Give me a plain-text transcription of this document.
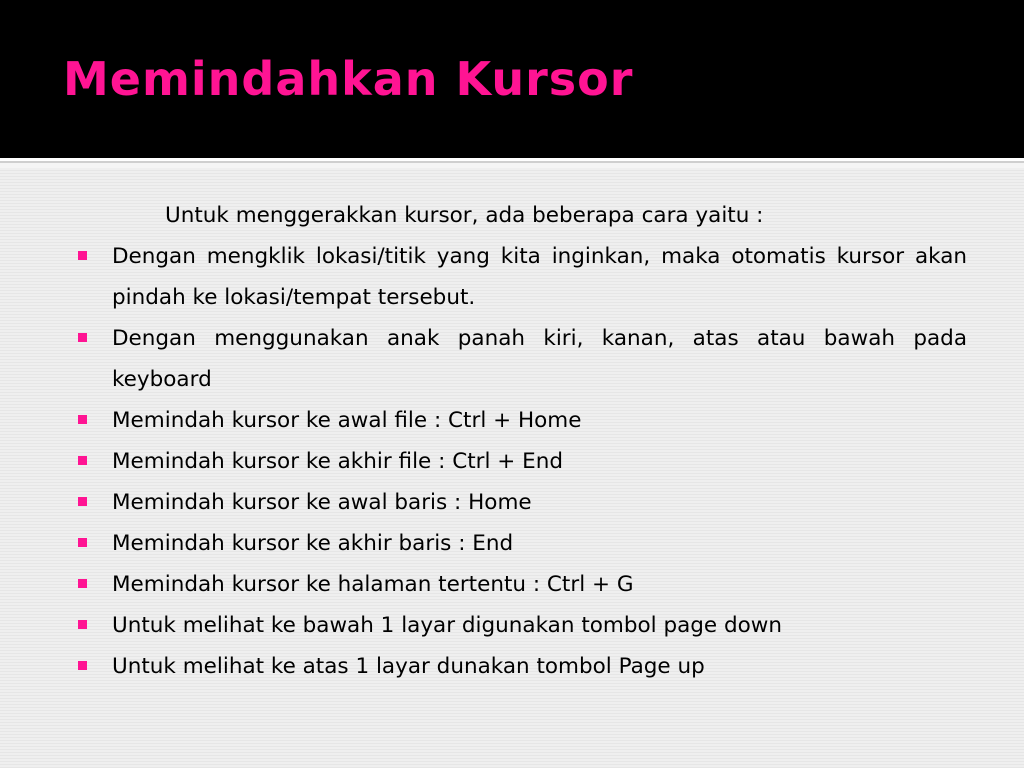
Memindahkan Kursor
Untuk menggerakkan kursor, ada beberapa cara yaitu :
Dengan mengklik lokasi/titik yang kita inginkan, maka otomatis kursor akan pindah ke lokasi/tempat tersebut.
Dengan menggunakan anak panah kiri, kanan, atas atau bawah pada keyboard
Memindah kursor ke awal file : Ctrl + Home
Memindah kursor ke akhir file : Ctrl + End
Memindah kursor ke awal baris : Home
Memindah kursor ke akhir baris : End
Memindah kursor ke halaman tertentu : Ctrl + G
Untuk melihat ke bawah 1 layar digunakan tombol page down
Untuk melihat ke atas 1 layar dunakan tombol Page up
